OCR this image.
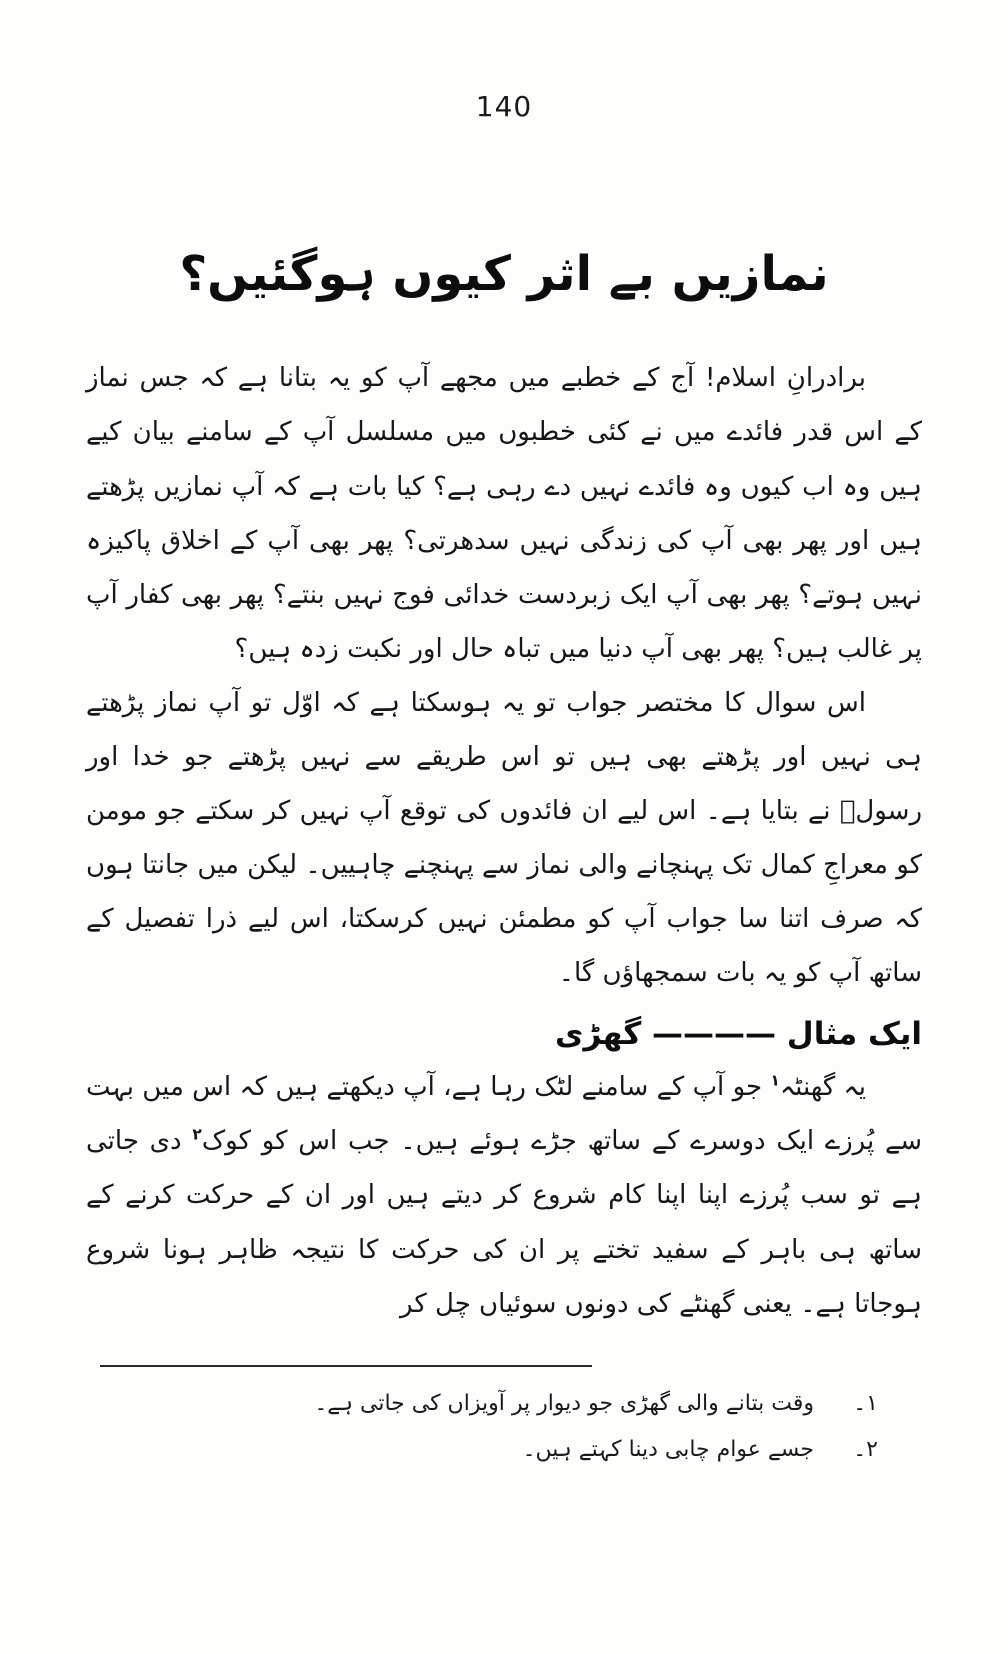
140
نمازیں بے اثر کیوں ہوگئیں؟

برادرانِ اسلام! آج کے خطبے میں مجھے آپ کو یہ بتانا ہے کہ جس نماز کے اس قدر فائدے میں نے کئی خطبوں میں مسلسل آپ کے سامنے بیان کیے ہیں وہ اب کیوں وہ فائدے نہیں دے رہی ہے؟ کیا بات ہے کہ آپ نمازیں پڑھتے ہیں اور پھر بھی آپ کی زندگی نہیں سدھرتی؟ پھر بھی آپ کے اخلاق پاکیزہ نہیں ہوتے؟ پھر بھی آپ ایک زبردست خدائی فوج نہیں بنتے؟ پھر بھی کفار آپ پر غالب ہیں؟ پھر بھی آپ دنیا میں تباہ حال اور نکبت زدہ ہیں؟

اس سوال کا مختصر جواب تو یہ ہوسکتا ہے کہ اوّل تو آپ نماز پڑھتے ہی نہیں اور پڑھتے بھی ہیں تو اس طریقے سے نہیں پڑھتے جو خدا اور رسولؐ نے بتایا ہے۔ اس لیے ان فائدوں کی توقع آپ نہیں کر سکتے جو مومن کو معراجِ کمال تک پہنچانے والی نماز سے پہنچنے چاہییں۔ لیکن میں جانتا ہوں کہ صرف اتنا سا جواب آپ کو مطمئن نہیں کرسکتا، اس لیے ذرا تفصیل کے ساتھ آپ کو یہ بات سمجھاؤں گا۔

ایک مثال ———— گھڑی

یہ گھنٹہ$^۱$ جو آپ کے سامنے لٹک رہا ہے، آپ دیکھتے ہیں کہ اس میں بہت سے پُرزے ایک دوسرے کے ساتھ جڑے ہوئے ہیں۔ جب اس کو کوک$^۲$ دی جاتی ہے تو سب پُرزے اپنا اپنا کام شروع کر دیتے ہیں اور ان کے حرکت کرنے کے ساتھ ہی باہر کے سفید تختے پر ان کی حرکت کا نتیجہ ظاہر ہونا شروع ہوجاتا ہے۔ یعنی گھنٹے کی دونوں سوئیاں چل کر

۱۔
وقت بتانے والی گھڑی جو دیوار پر آویزاں کی جاتی ہے۔
۲۔
جسے عوام چابی دینا کہتے ہیں۔
